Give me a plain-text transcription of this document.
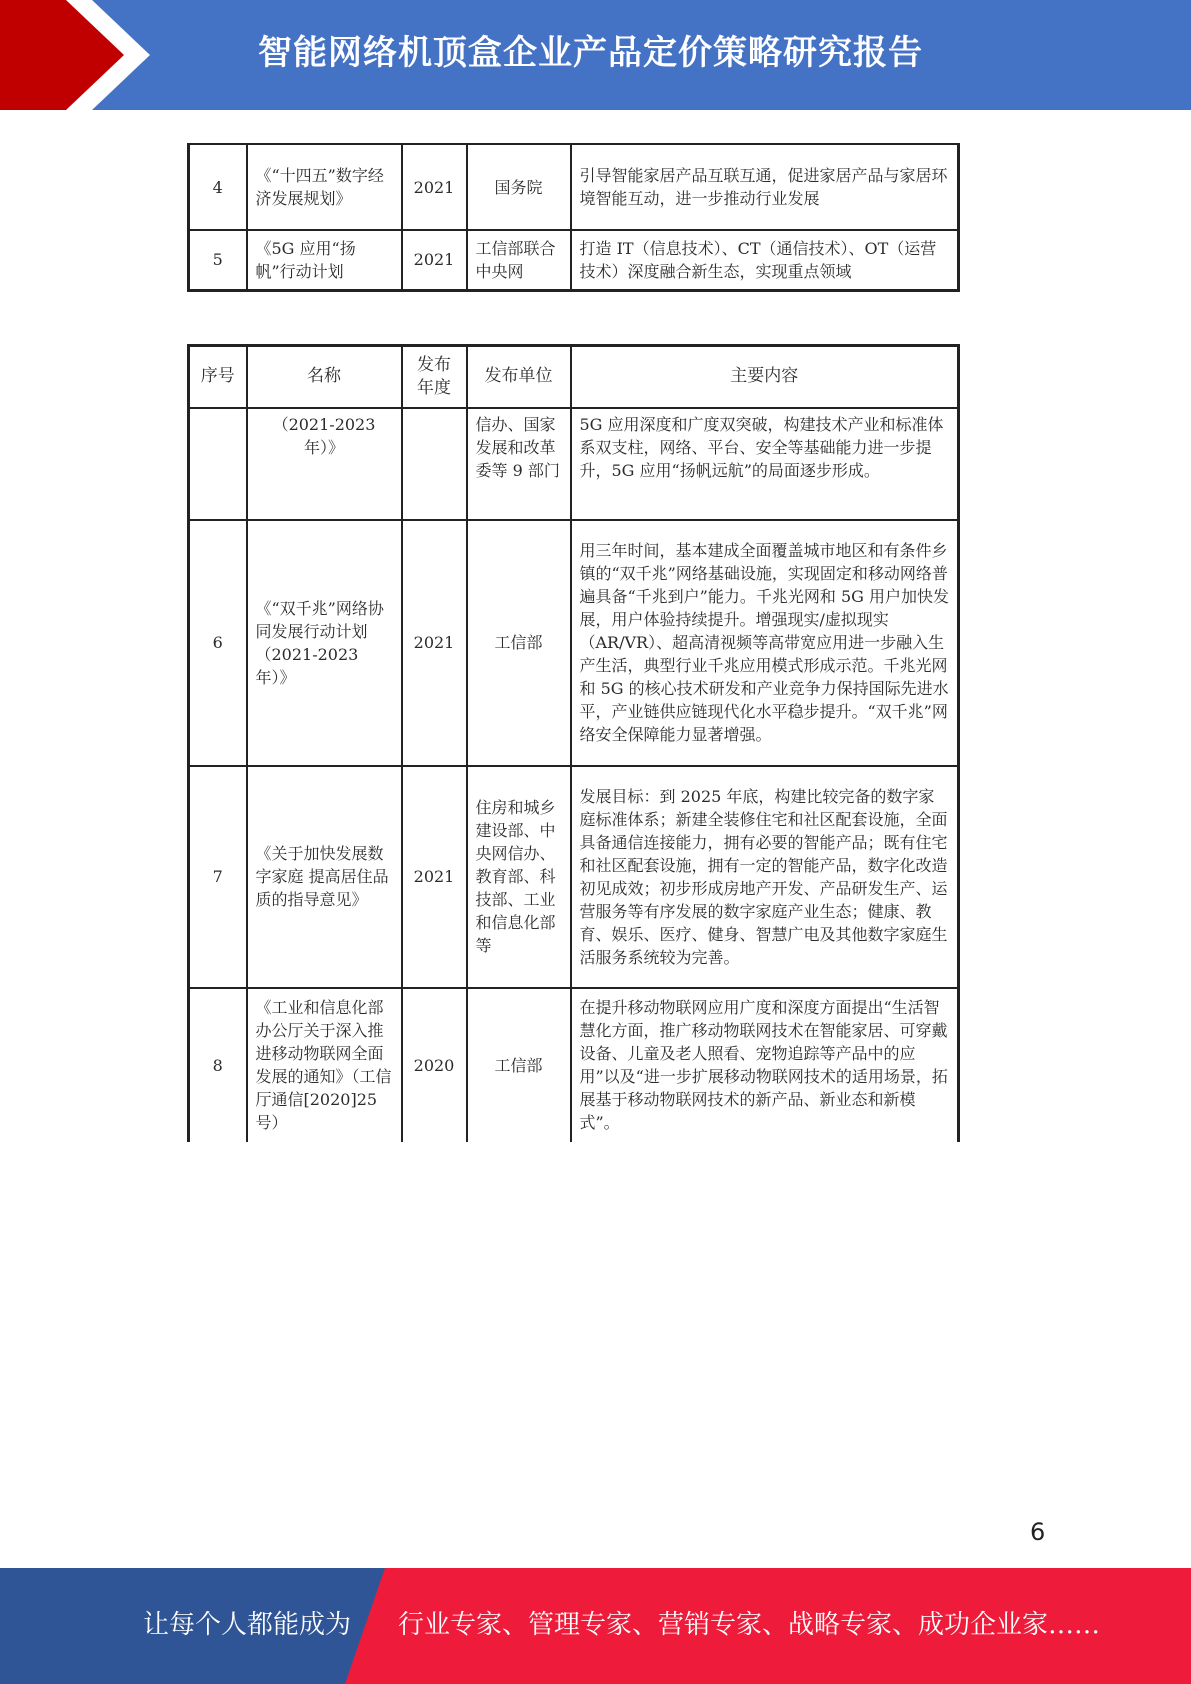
智能网络机顶盒企业产品定价策略研究报告
4	《“十四五”数字经济发展规划》	2021	国务院	引导智能家居产品互联互通，促进家居产品与家居环境智能互动，进一步推动行业发展
5	《5G 应用“扬帆”行动计划	2021	工信部联合中央网	打造 IT（信息技术）、CT（通信技术）、OT（运营技术）深度融合新生态，实现重点领域
序号	名称	发布年度	发布单位	主要内容
	（2021-2023 年）》		信办、国家发展和改革委等 9 部门	5G 应用深度和广度双突破，构建技术产业和标准体系双支柱，网络、平台、安全等基础能力进一步提升，5G 应用“扬帆远航”的局面逐步形成。
6	《“双千兆”网络协同发展行动计划（2021-2023 年）》	2021	工信部	用三年时间，基本建成全面覆盖城市地区和有条件乡镇的“双千兆”网络基础设施，实现固定和移动网络普遍具备“千兆到户”能力。千兆光网和 5G 用户加快发展，用户体验持续提升。增强现实/虚拟现实（AR/VR）、超高清视频等高带宽应用进一步融入生产生活，典型行业千兆应用模式形成示范。千兆光网和 5G 的核心技术研发和产业竞争力保持国际先进水平，产业链供应链现代化水平稳步提升。“双千兆”网络安全保障能力显著增强。
7	《关于加快发展数字家庭 提高居住品质的指导意见》	2021	住房和城乡建设部、中央网信办、教育部、科技部、工业和信息化部等	发展目标：到 2025 年底，构建比较完备的数字家庭标准体系；新建全装修住宅和社区配套设施，全面具备通信连接能力，拥有必要的智能产品；既有住宅和社区配套设施，拥有一定的智能产品，数字化改造初见成效；初步形成房地产开发、产品研发生产、运营服务等有序发展的数字家庭产业生态；健康、教育、娱乐、医疗、健身、智慧广电及其他数字家庭生活服务系统较为完善。
8	《工业和信息化部办公厅关于深入推进移动物联网全面发展的通知》（工信厅通信[2020]25 号）	2020	工信部	在提升移动物联网应用广度和深度方面提出“生活智慧化方面，推广移动物联网技术在智能家居、可穿戴设备、儿童及老人照看、宠物追踪等产品中的应用”以及“进一步扩展移动物联网技术的适用场景，拓展基于移动物联网技术的新产品、新业态和新模式”。
6
让每个人都能成为 行业专家、管理专家、营销专家、战略专家、成功企业家……
